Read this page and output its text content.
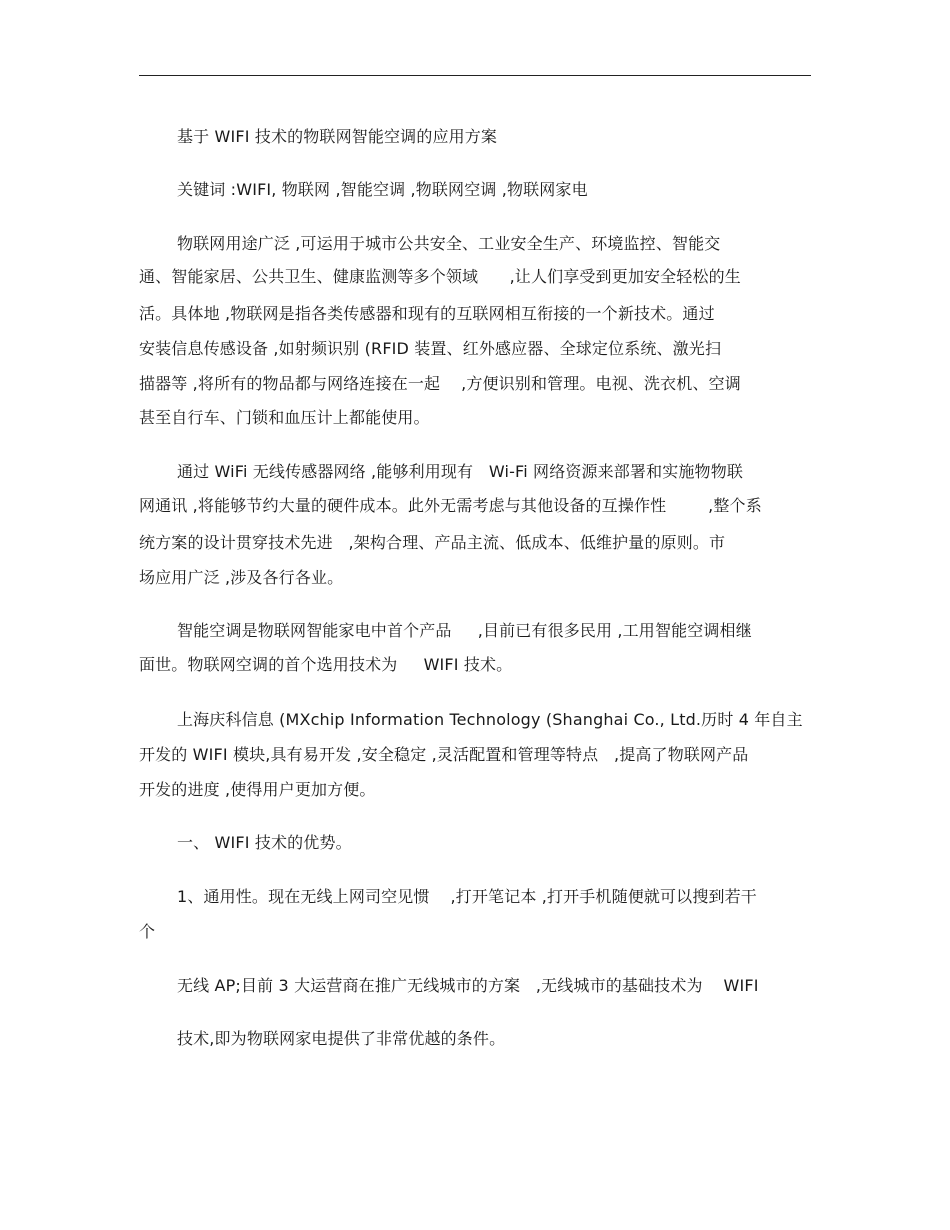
基于 WIFI 技术的物联网智能空调的应用方案
关键词 :WIFI, 物联网 ,智能空调 ,物联网空调 ,物联网家电
物联网用途广泛 ,可运用于城市公共安全、工业安全生产、环境监控、智能交
通、智能家居、公共卫生、健康监测等多个领域      ,让人们享受到更加安全轻松的生
活。具体地 ,物联网是指各类传感器和现有的互联网相互衔接的一个新技术。通过
安装信息传感设备 ,如射频识别 (RFID 装置、红外感应器、全球定位系统、激光扫
描器等 ,将所有的物品都与网络连接在一起    ,方便识别和管理。电视、洗衣机、空调
甚至自行车、门锁和血压计上都能使用。
通过 WiFi 无线传感器网络 ,能够利用现有   Wi-Fi 网络资源来部署和实施物物联
网通讯 ,将能够节约大量的硬件成本。此外无需考虑与其他设备的互操作性        ,整个系
统方案的设计贯穿技术先进   ,架构合理、产品主流、低成本、低维护量的原则。市
场应用广泛 ,涉及各行各业。
智能空调是物联网智能家电中首个产品     ,目前已有很多民用 ,工用智能空调相继
面世。物联网空调的首个选用技术为     WIFI 技术。
上海庆科信息 (MXchip Information Technology (Shanghai Co., Ltd.历时 4 年自主
开发的 WIFI 模块,具有易开发 ,安全稳定 ,灵活配置和管理等特点   ,提高了物联网产品
开发的进度 ,使得用户更加方便。
一、 WIFI 技术的优势。
1、通用性。现在无线上网司空见惯    ,打开笔记本 ,打开手机随便就可以搜到若干
个
无线 AP;目前 3 大运营商在推广无线城市的方案   ,无线城市的基础技术为    WIFI
技术,即为物联网家电提供了非常优越的条件。
